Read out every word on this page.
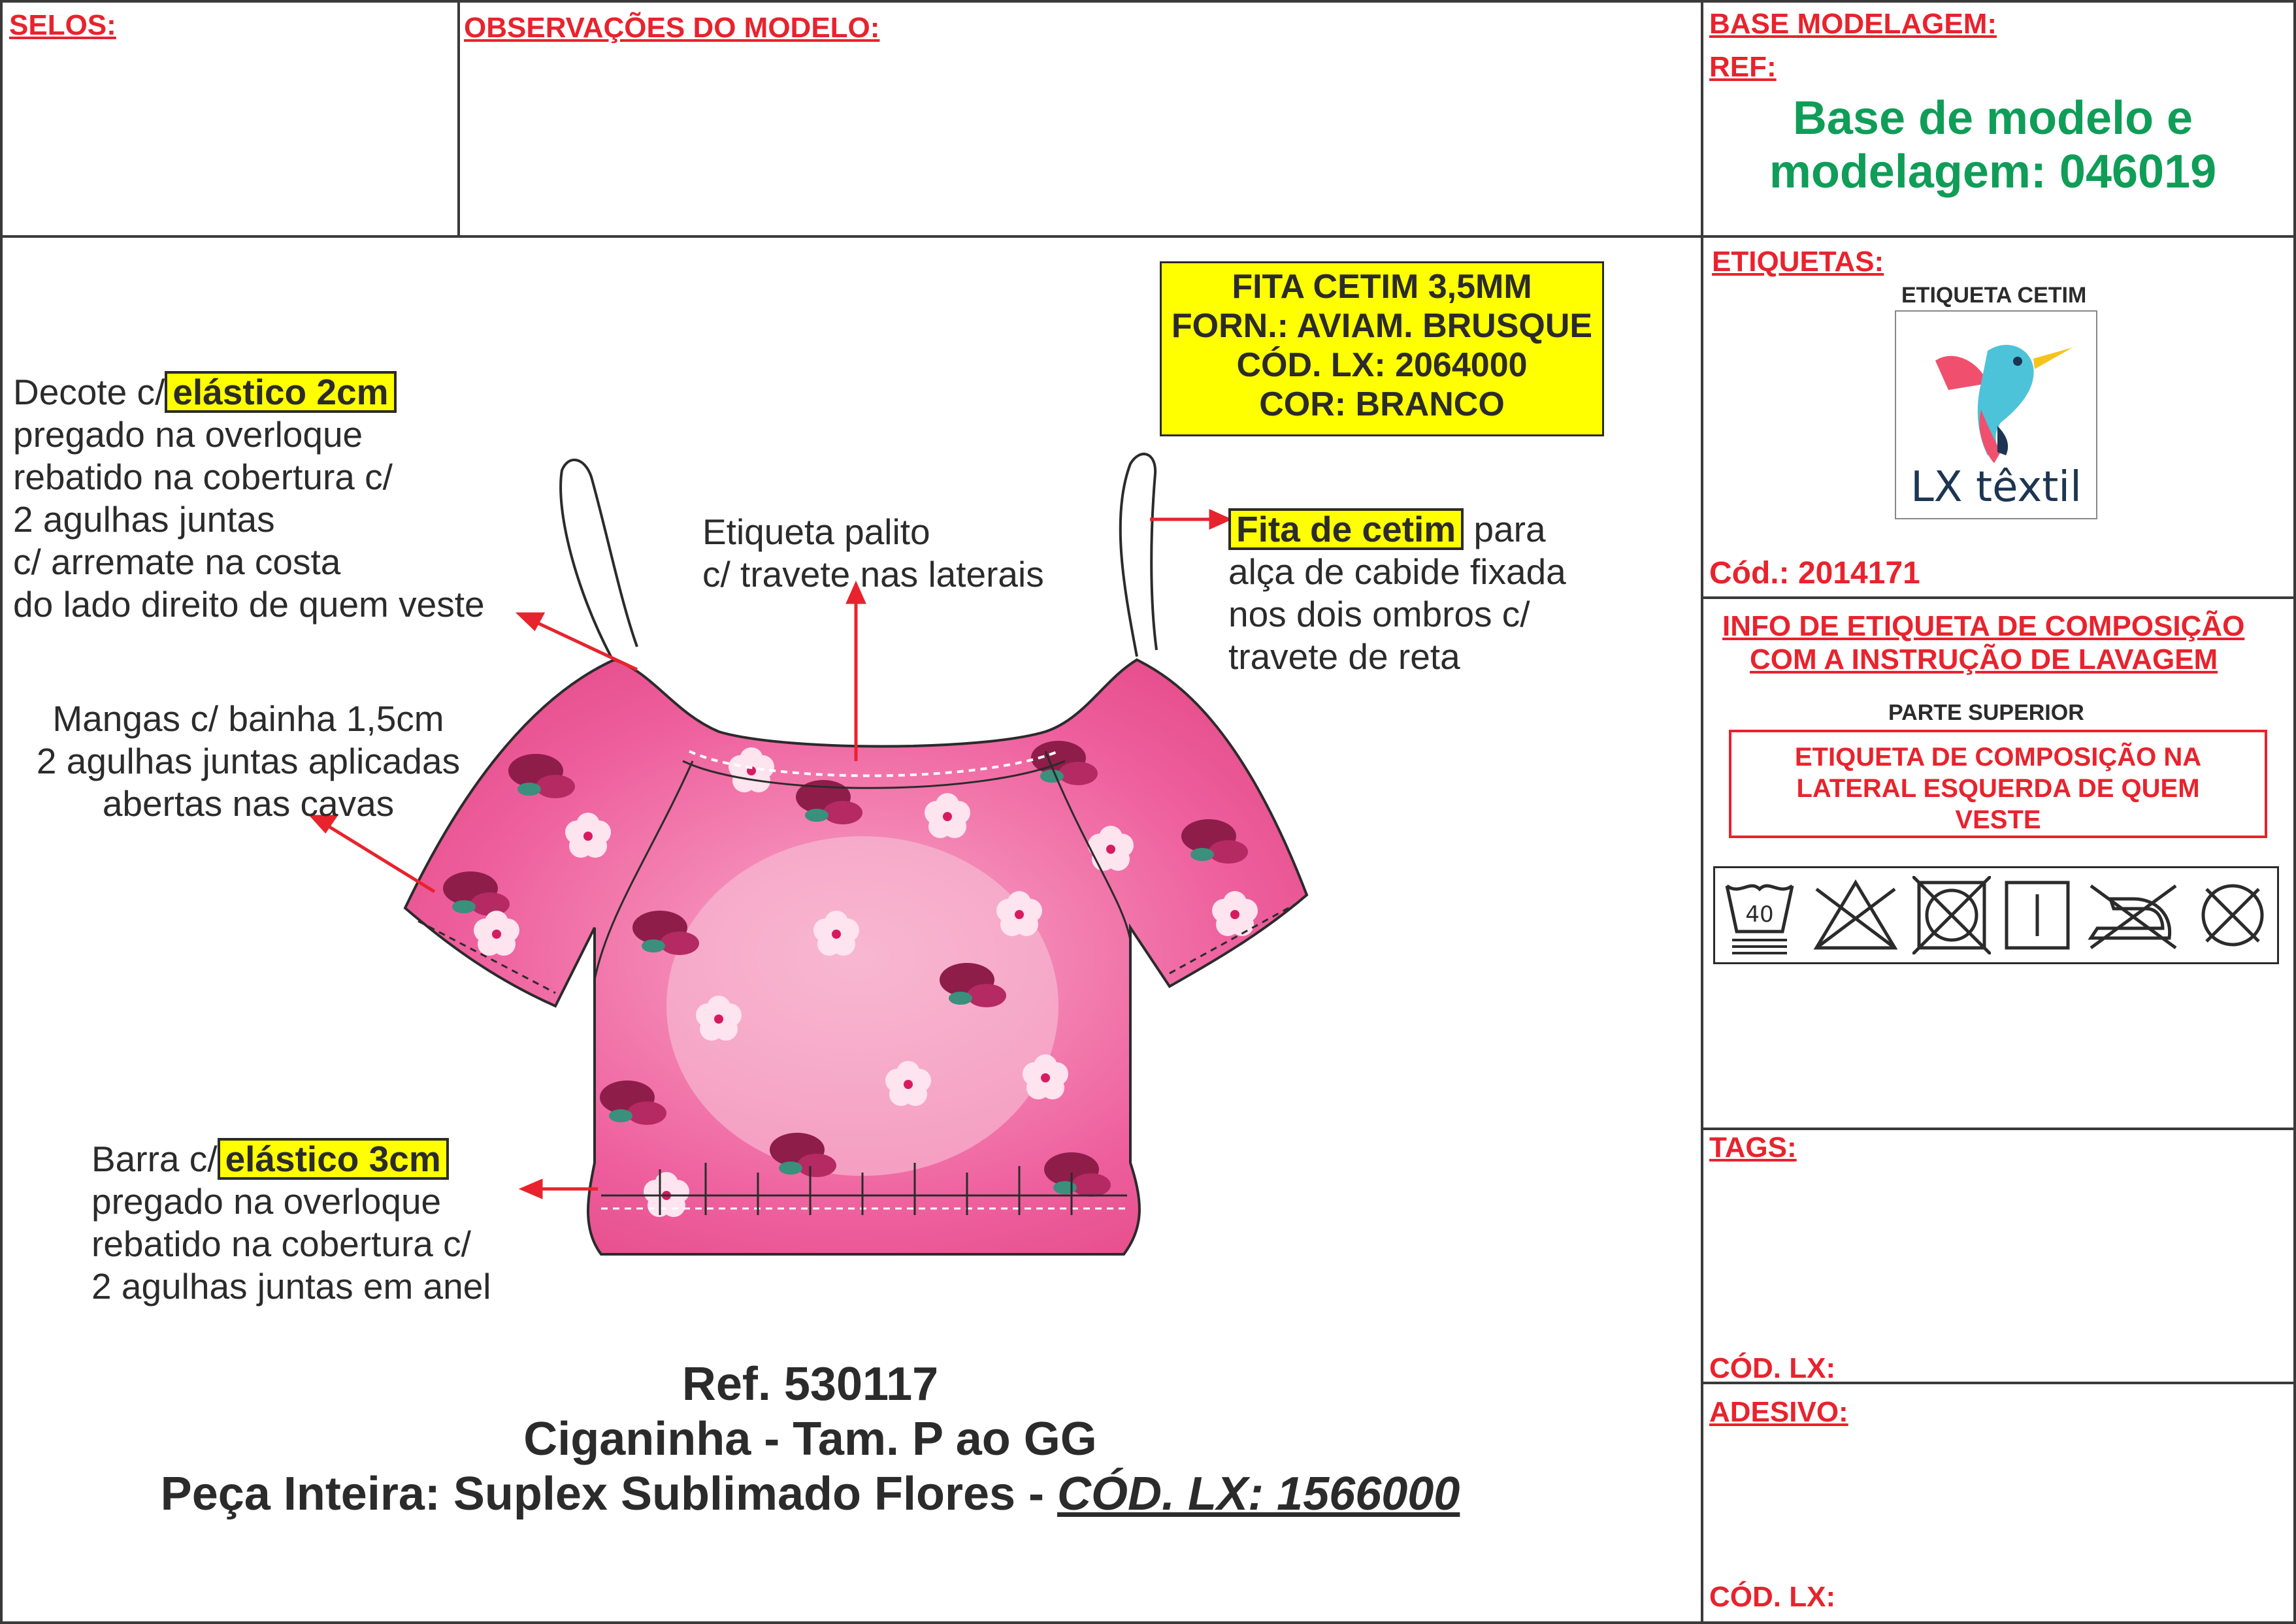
SELOS:	OBSERVAÇÕES DO MODELO:	BASE MODELAGEM:
REF:
Base de modelo e
modelagem: 046019
Decote c/ elástico 2cm
pregado na overloque
rebatido na cobertura c/
2 agulhas juntas
c/ arremate na costa
do lado direito de quem veste
Mangas c/ bainha 1,5cm
2 agulhas juntas aplicadas
abertas nas cavas
Barra c/ elástico 3cm
pregado na overloque
rebatido na cobertura c/
2 agulhas juntas em anel
Etiqueta palito
c/ travete nas laterais
Fita de cetim para
alça de cabide fixada
nos dois ombros c/
travete de reta
FITA CETIM 3,5MM
FORN.: AVIAM. BRUSQUE
CÓD. LX: 2064000
COR: BRANCO
Ref. 530117
Ciganinha - Tam. P ao GG
Peça Inteira: Suplex Sublimado Flores - CÓD. LX: 1566000
ETIQUETAS:
ETIQUETA CETIM
LX têxtil
Cód.: 2014171
INFO DE ETIQUETA DE COMPOSIÇÃO
COM A INSTRUÇÃO DE LAVAGEM
PARTE SUPERIOR
ETIQUETA DE COMPOSIÇÃO NA
LATERAL ESQUERDA DE QUEM
VESTE
40
TAGS:
CÓD. LX:
ADESIVO:
CÓD. LX:
